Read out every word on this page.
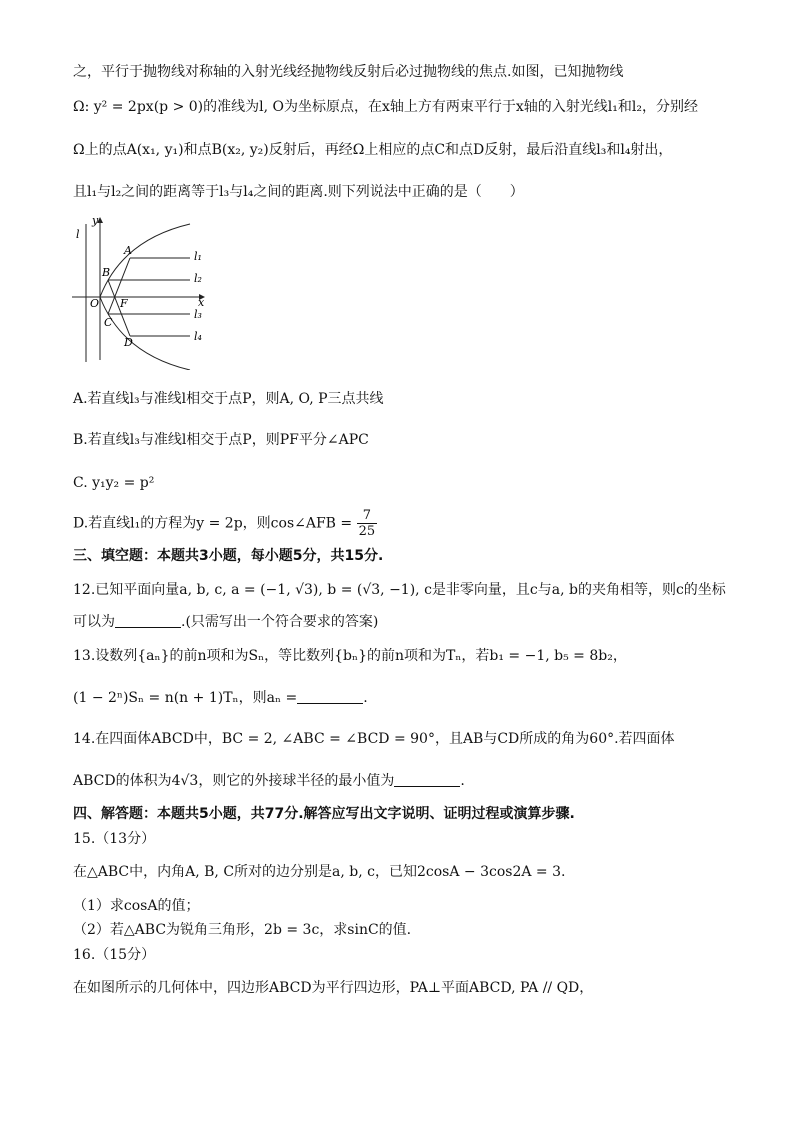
之，平行于抛物线对称轴的入射光线经抛物线反射后必过抛物线的焦点.如图，已知抛物线
Ω: y² = 2px(p > 0)的准线为l, O为坐标原点，在x轴上方有两束平行于x轴的入射光线l₁和l₂，分别经
Ω上的点A(x₁, y₁)和点B(x₂, y₂)反射后，再经Ω上相应的点C和点D反射，最后沿直线l₃和l₄射出，
且l₁与l₂之间的距离等于l₃与l₄之间的距离.则下列说法中正确的是（　　）
y
x
l
O F
A
B
C
D
l₁
l₂
l₃
l₄
A.若直线l₃与准线l相交于点P，则A, O, P三点共线
B.若直线l₃与准线l相交于点P，则PF平分∠APC
C. y₁y₂ = p²
D.若直线l₁的方程为y = 2p，则cos∠AFB = $\frac{7}{25}$
三、填空题：本题共3小题，每小题5分，共15分.
12.已知平面向量a, b, c, a = (−1, √3), b = (√3, −1), c是非零向量，且c与a, b的夹角相等，则c的坐标
可以为	.(只需写出一个符合要求的答案)
13.设数列{aₙ}的前n项和为Sₙ，等比数列{bₙ}的前n项和为Tₙ，若b₁ = −1, b₅ = 8b₂，
(1 − 2ⁿ)Sₙ = n(n + 1)Tₙ，则aₙ =	.
14.在四面体ABCD中，BC = 2, ∠ABC = ∠BCD = 90°，且AB与CD所成的角为60°.若四面体
ABCD的体积为4√3，则它的外接球半径的最小值为	.
四、解答题：本题共5小题，共77分.解答应写出文字说明、证明过程或演算步骤.
15.（13分）
在△ABC中，内角A, B, C所对的边分别是a, b, c，已知2cosA − 3cos2A = 3.
（1）求cosA的值；
（2）若△ABC为锐角三角形，2b = 3c，求sinC的值.
16.（15分）
在如图所示的几何体中，四边形ABCD为平行四边形，PA⊥平面ABCD, PA // QD，
